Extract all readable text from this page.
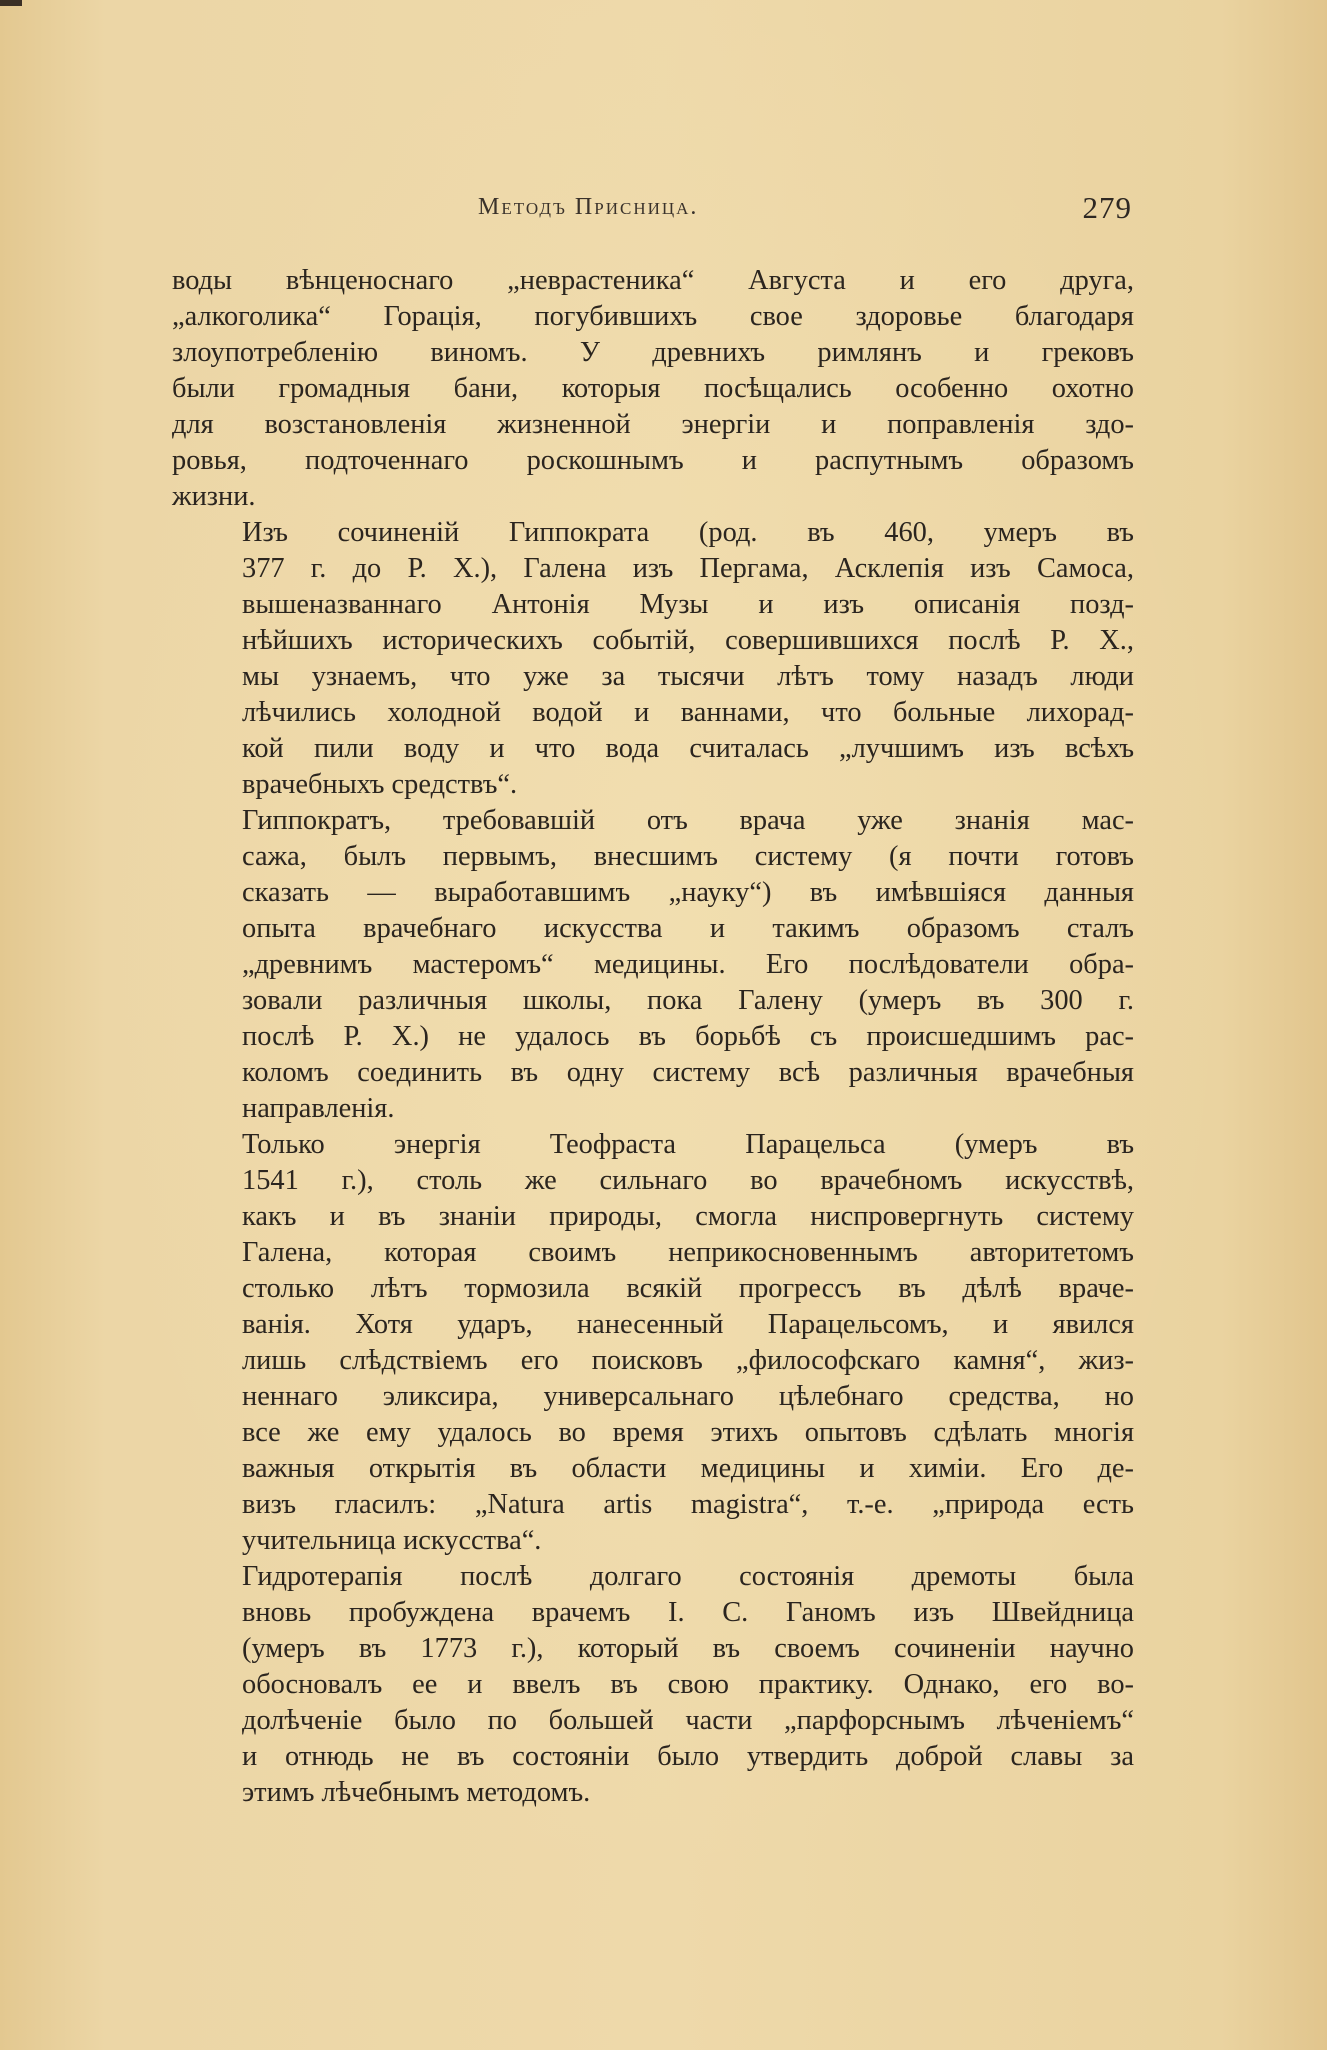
Методъ Присница.	279
воды вѣнценоснаго „неврастеника“ Августа и его друга,
„алкоголика“ Горація, погубившихъ свое здоровье благодаря
злоупотребленію виномъ. У древнихъ римлянъ и грековъ
были громадныя бани, которыя посѣщались особенно охотно
для возстановленія жизненной энергіи и поправленія здо-
ровья, подточеннаго роскошнымъ и распутнымъ образомъ
жизни.
Изъ сочиненій Гиппократа (род. въ 460, умеръ въ
377 г. до Р. Х.), Галена изъ Пергама, Асклепія изъ Самоса,
вышеназваннаго Антонія Музы и изъ описанія позд-
нѣйшихъ историческихъ событій, совершившихся послѣ Р. Х.,
мы узнаемъ, что уже за тысячи лѣтъ тому назадъ люди
лѣчились холодной водой и ваннами, что больные лихорад-
кой пили воду и что вода считалась „лучшимъ изъ всѣхъ
врачебныхъ средствъ“.
Гиппократъ, требовавшій отъ врача уже знанія мас-
сажа, былъ первымъ, внесшимъ систему (я почти готовъ
сказать — выработавшимъ „науку“) въ имѣвшіяся данныя
опыта врачебнаго искусства и такимъ образомъ сталъ
„древнимъ мастеромъ“ медицины. Его послѣдователи обра-
зовали различныя школы, пока Галену (умеръ въ 300 г.
послѣ Р. Х.) не удалось въ борьбѣ съ происшедшимъ рас-
коломъ соединить въ одну систему всѣ различныя врачебныя
направленія.
Только энергія Теофраста Парацельса (умеръ въ
1541 г.), столь же сильнаго во врачебномъ искусствѣ,
какъ и въ знаніи природы, смогла ниспровергнуть систему
Галена, которая своимъ неприкосновеннымъ авторитетомъ
столько лѣтъ тормозила всякій прогрессъ въ дѣлѣ враче-
ванія. Хотя ударъ, нанесенный Парацельсомъ, и явился
лишь слѣдствіемъ его поисковъ „философскаго камня“, жиз-
неннаго эликсира, универсальнаго цѣлебнаго средства, но
все же ему удалось во время этихъ опытовъ сдѣлать многія
важныя открытія въ области медицины и химіи. Его де-
визъ гласилъ: „Natura artis magistra“, т.-е. „природа есть
учительница искусства“.
Гидротерапія послѣ долгаго состоянія дремоты была
вновь пробуждена врачемъ I. С. Ганомъ изъ Швейдница
(умеръ въ 1773 г.), который въ своемъ сочиненіи научно
обосновалъ ее и ввелъ въ свою практику. Однако, его во-
долѣченіе было по большей части „парфорснымъ лѣченіемъ“
и отнюдь не въ состояніи было утвердить доброй славы за
этимъ лѣчебнымъ методомъ.
